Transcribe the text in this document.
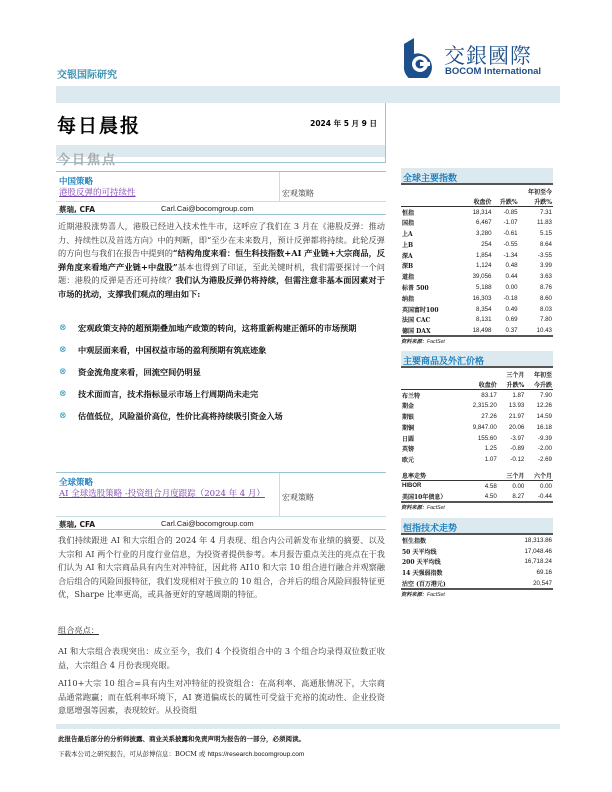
交银国际研究
交銀國際
BOCOM International
每日晨报	2024 年 5 月 9 日
今日焦点
中国策略
港股反弹的可持续性	宏观策略
蔡瑞, CFA	Carl.Cai@bocomgroup.com
近期港股涨势喜人，港股已经进入技术性牛市，这呼应了我们在 3 月在《港股反弹：推动力、持续性以及首选方向》中的判断，即“至少在未来数月，预计反弹都将持续。此轮反弹的方向也与我们在报告中提到的“结构角度来看：恒生科技指数+AI 产业链+大宗商品，反弹角度来看地产产业链+中盘股”基本也得到了印证，至此关键时机，我们需要探讨一个问题：港股的反弹是否还可持续？我们认为港股反弹仍将持续，但需注意非基本面因素对于市场的扰动，支撑我们观点的理由如下:
⊗ 宏观政策支持的超预期叠加地产政策的转向，这将重新构建正循环的市场预期
⊗ 中观层面来看，中国权益市场的盈利预期有筑底迹象
⊗ 资金流角度来看，回流空间仍明显
⊗ 技术面而言，技术指标显示市场上行周期尚未走完
⊗ 估值低位，风险溢价高位，性价比高将持续吸引资金入场
全球策略
AI 全球选股策略 -投资组合月度跟踪（2024 年 4 月）	宏观策略
蔡瑞, CFA	Carl.Cai@bocomgroup.com
我们持续跟进 AI 和大宗组合的 2024 年 4 月表现、组合内公司新发布业绩的摘要、以及大宗和 AI 两个行业的月度行业信息，为投资者提供参考。本月报告重点关注的亮点在于我们认为 AI 和大宗商品具有内生对冲特征，因此将 AI10 和大宗 10 组合进行融合并观察融合后组合的风险回报特征，我们发现相对于独立的 10 组合，合并后的组合风险回报特征更优，Sharpe 比率更高，或具备更好的穿越周期的特征。
组合亮点：
AI 和大宗组合表现突出：成立至今，我们 4 个投资组合中的 3 个组合均录得双位数正收益，大宗组合 4 月份表现亮眼。
AI10+大宗 10 组合=具有内生对冲特征的投资组合：在高利率、高通胀情况下，大宗商品通常跑赢；而在低利率环境下，AI 赛道偏成长的属性可受益于充裕的流动性、企业投资意愿增强等因素，表现较好。从投资组
此报告最后部分的分析师披露、商业关系披露和免责声明为报告的一部分，必须阅读。
下载本公司之研究报告，可从彭博信息：BOCM 或 https://research.bocomgroup.com
全球主要指数
			年初至今
	收盘价	升跌%	升跌%
恒指	18,314	-0.85	7.31
国指	6,467	-1.07	11.83
上A	3,280	-0.61	5.15
上B	254	-0.55	8.64
深A	1,854	-1.34	-3.55
深B	1,124	0.48	3.99
道指	39,056	0.44	3.63
标普 500	5,188	0.00	8.76
纳指	16,303	-0.18	8.60
英国富时100	8,354	0.49	8.03
法国 CAC	8,131	0.69	7.80
德国 DAX	18,498	0.37	10.43
资料来源：FactSet
主要商品及外汇价格
		三个月	年初至
	收盘价	升跌%	今升跌
布兰特	83.17	1.87	7.90
期金	2,315.20	13.93	12.26
期银	27.26	21.97	14.59
期铜	9,847.00	20.06	16.18
日圆	155.60	-3.97	-9.39
英镑	1.25	-0.89	-2.00
欧元	1.07	-0.12	-2.69
息率走势		三个月	六个月
HIBOR	4.58	0.00	0.00
美国10年债息）	4.50	8.27	-0.44
资料来源：FactSet
恒指技术走势
恒生指数	18,313.86
50 天平均线	17,048.46
200 天平均线	16,718.24
14 天强弱指数	69.16
沽空 (百万港元)	20,547
资料来源：FactSet
